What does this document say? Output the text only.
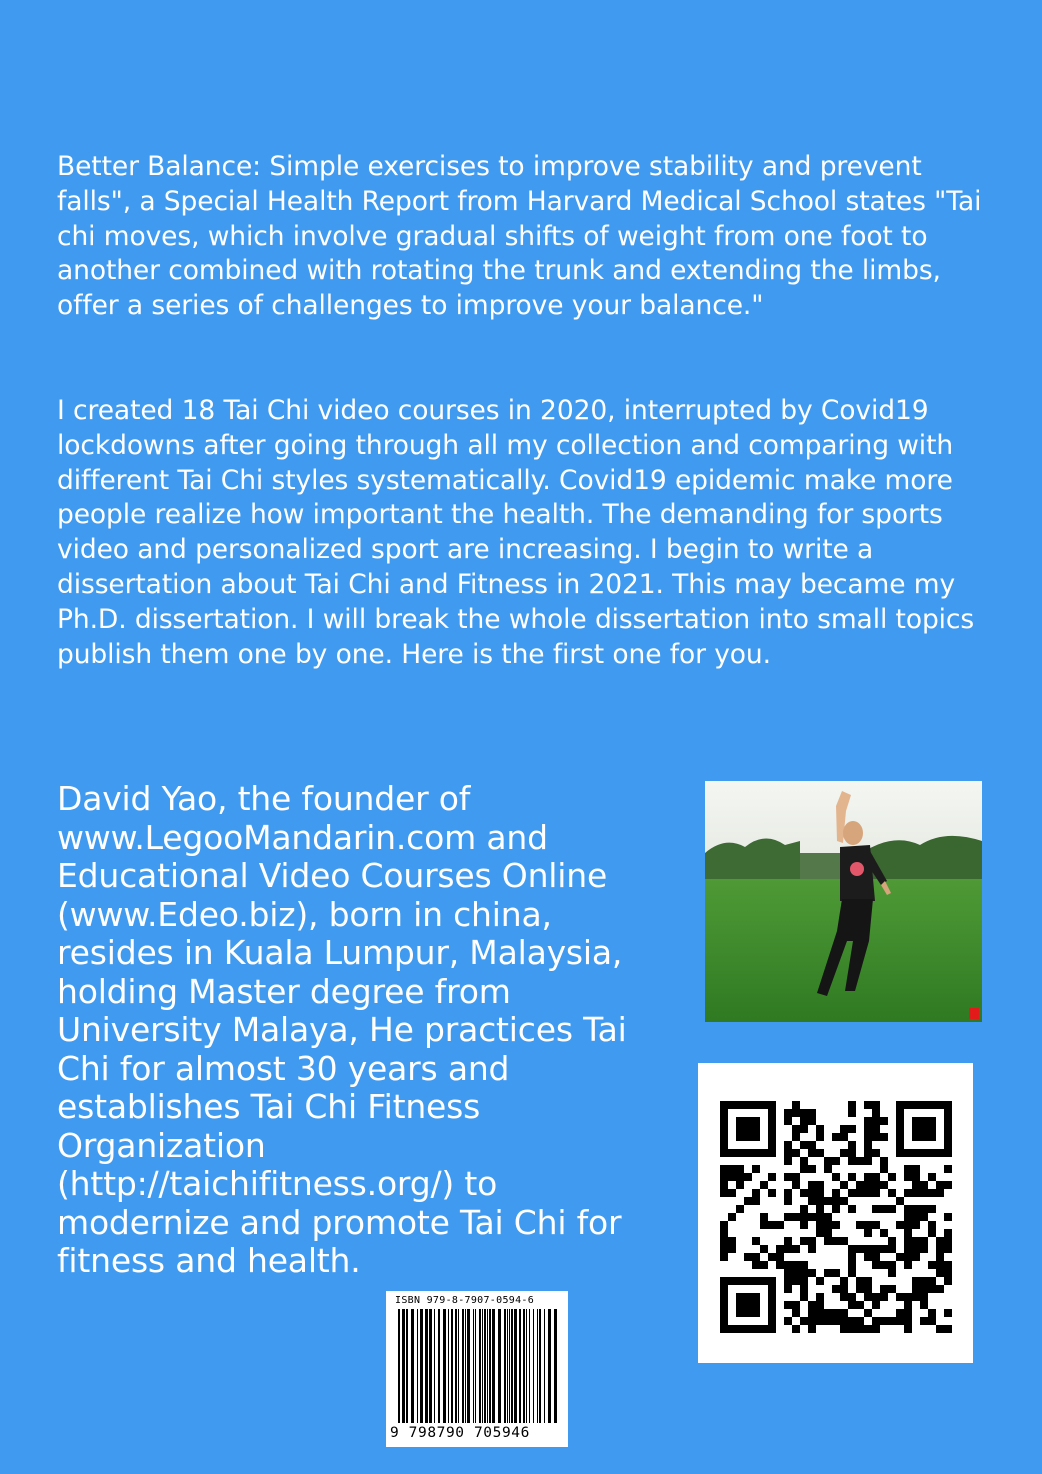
Better Balance: Simple exercises to improve stability and prevent falls", a Special Health Report from Harvard Medical School states "Tai chi moves, which involve gradual shifts of weight from one foot to another combined with rotating the trunk and extending the limbs, offer a series of challenges to improve your balance."

I created 18 Tai Chi video courses in 2020, interrupted by Covid19 lockdowns after going through all my collection and comparing with different Tai Chi styles systematically. Covid19 epidemic make more people realize how important the health. The demanding for sports video and personalized sport are increasing. I begin to write a dissertation about Tai Chi and Fitness in 2021. This may became my Ph.D. dissertation. I will break the whole dissertation into small topics publish them one by one. Here is the first one for you.

David Yao, the founder of www.LegooMandarin.com and Educational Video Courses Online (www.Edeo.biz), born in china, resides in Kuala Lumpur, Malaysia, holding Master degree from University Malaya, He practices Tai Chi for almost 30 years and establishes Tai Chi Fitness Organization (http://taichifitness.org/) to modernize and promote Tai Chi for fitness and health.

ISBN 979-8-7907-0594-6
9 798790 705946
